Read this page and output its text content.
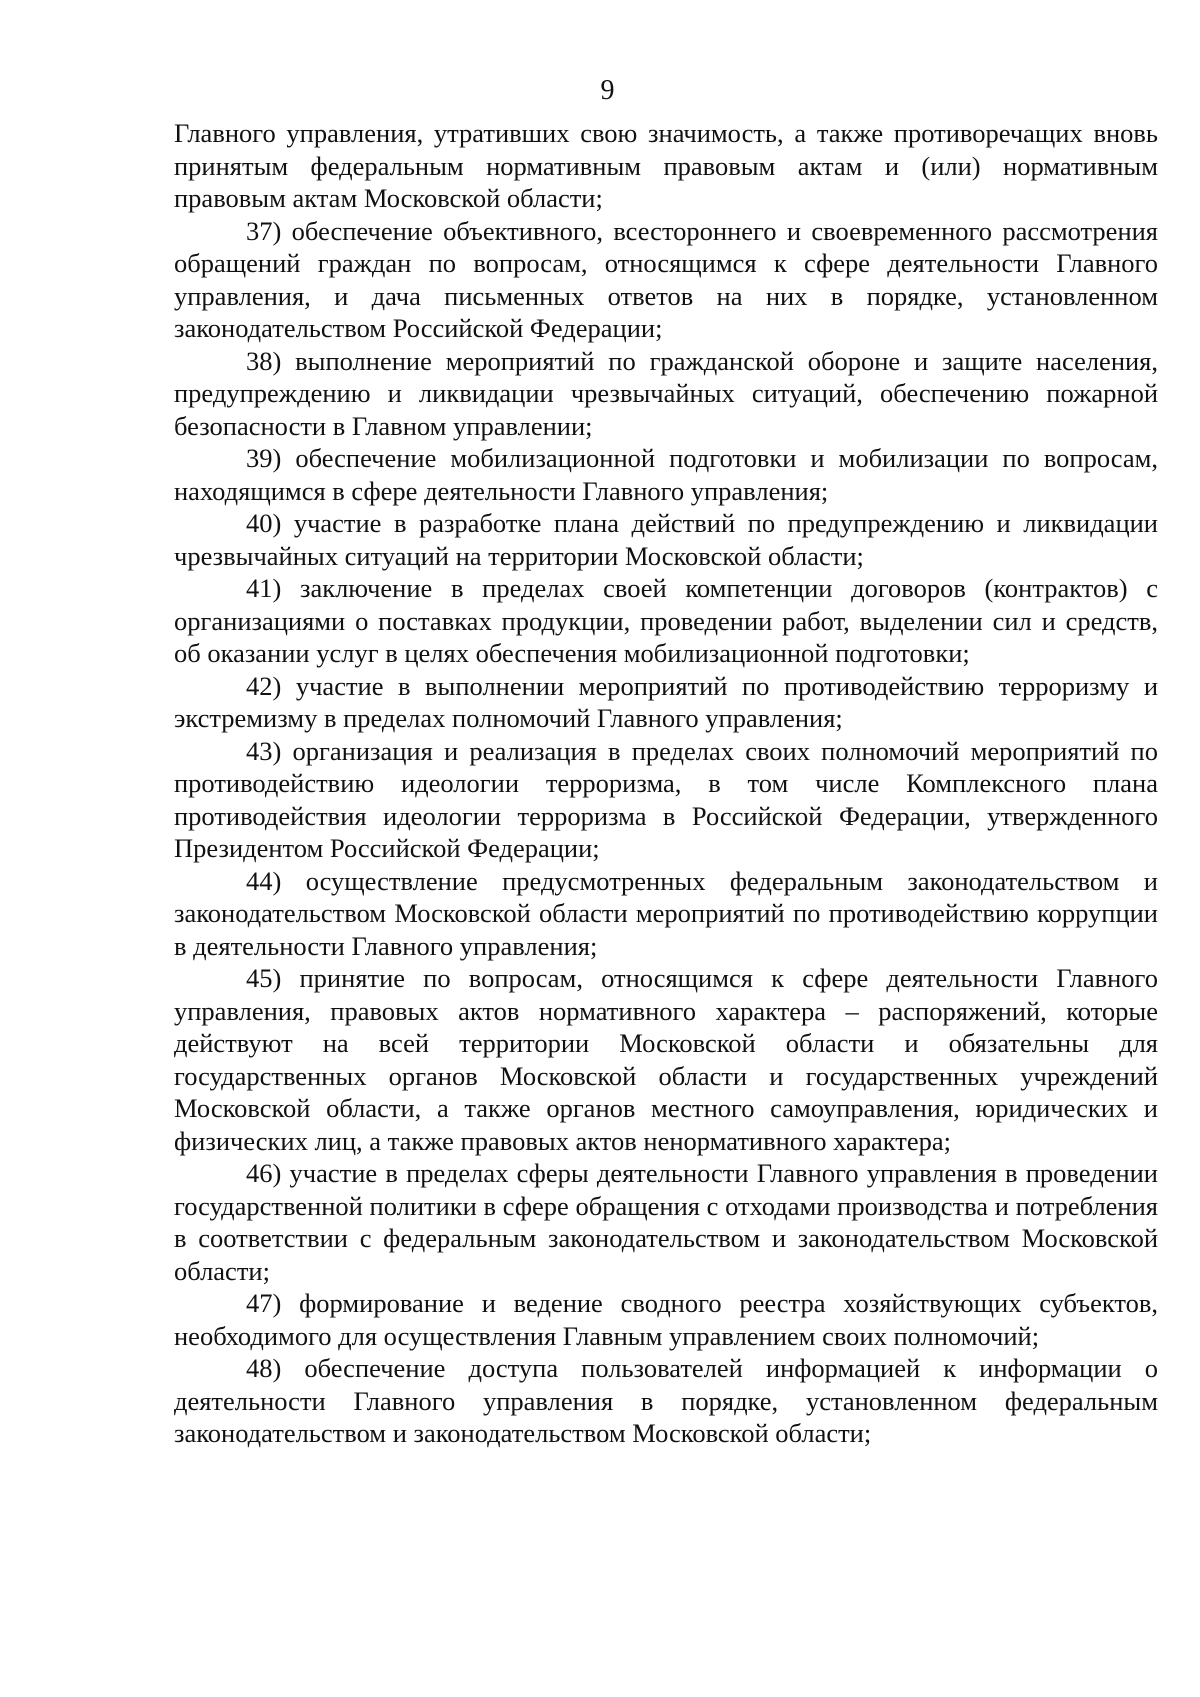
9

Главного управления, утративших свою значимость, а также противоречащих вновь принятым федеральным нормативным правовым актам и (или) нормативным правовым актам Московской области;

37) обеспечение объективного, всестороннего и своевременного рассмотрения обращений граждан по вопросам, относящимся к сфере деятельности Главного управления, и дача письменных ответов на них в порядке, установленном законодательством Российской Федерации;

38) выполнение мероприятий по гражданской обороне и защите населения, предупреждению и ликвидации чрезвычайных ситуаций, обеспечению пожарной безопасности в Главном управлении;

39) обеспечение мобилизационной подготовки и мобилизации по вопросам, находящимся в сфере деятельности Главного управления;

40) участие в разработке плана действий по предупреждению и ликвидации чрезвычайных ситуаций на территории Московской области;

41) заключение в пределах своей компетенции договоров (контрактов) с организациями о поставках продукции, проведении работ, выделении сил и средств, об оказании услуг в целях обеспечения мобилизационной подготовки;

42) участие в выполнении мероприятий по противодействию терроризму и экстремизму в пределах полномочий Главного управления;

43) организация и реализация в пределах своих полномочий мероприятий по противодействию идеологии терроризма, в том числе Комплексного плана противодействия идеологии терроризма в Российской Федерации, утвержденного Президентом Российской Федерации;

44) осуществление предусмотренных федеральным законодательством и законодательством Московской области мероприятий по противодействию коррупции в деятельности Главного управления;

45) принятие по вопросам, относящимся к сфере деятельности Главного управления, правовых актов нормативного характера – распоряжений, которые действуют на всей территории Московской области и обязательны для государственных органов Московской области и государственных учреждений Московской области, а также органов местного самоуправления, юридических и физических лиц, а также правовых актов ненормативного характера;

46) участие в пределах сферы деятельности Главного управления в проведении государственной политики в сфере обращения с отходами производства и потребления в соответствии с федеральным законодательством и законодательством Московской области;

47) формирование и ведение сводного реестра хозяйствующих субъектов, необходимого для осуществления Главным управлением своих полномочий;

48) обеспечение доступа пользователей информацией к информации о деятельности Главного управления в порядке, установленном федеральным законодательством и законодательством Московской области;
